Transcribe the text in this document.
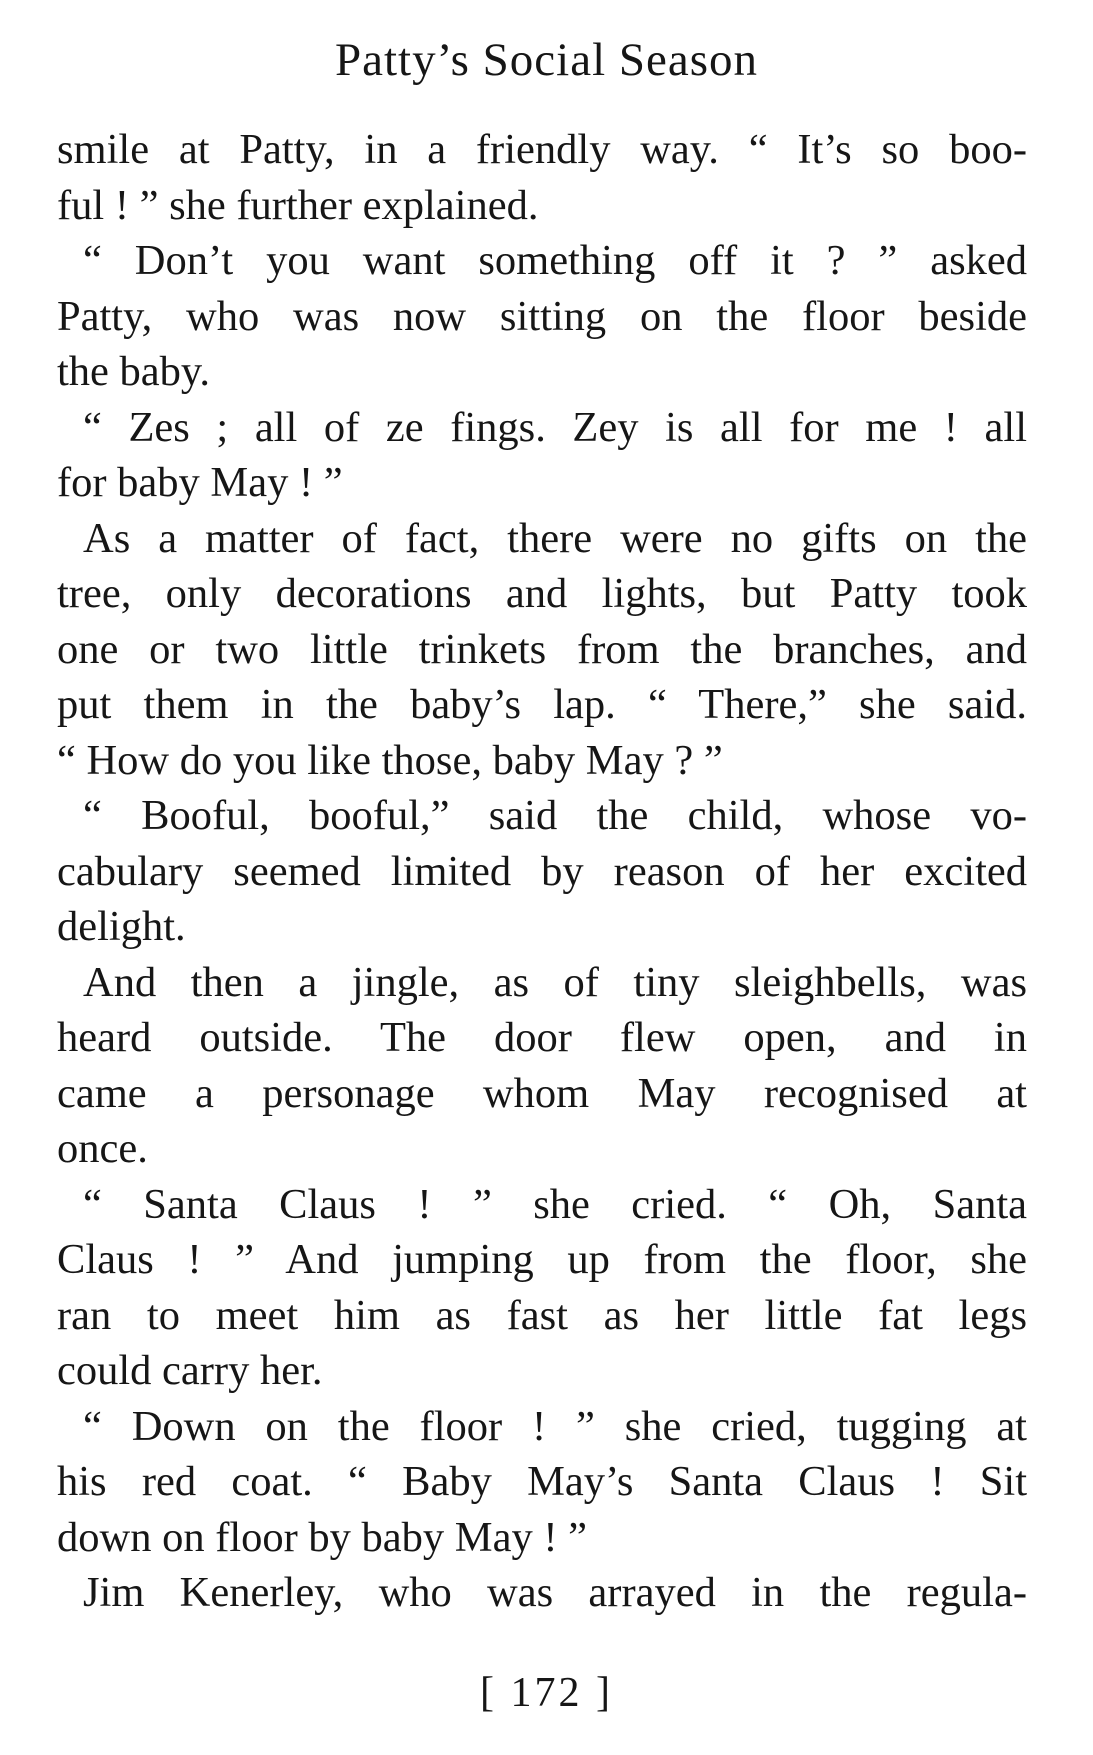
Patty’s Social Season

smile at Patty, in a friendly way. “ It’s so boo-
ful ! ” she further explained.

“ Don’t you want something off it ? ” asked
Patty, who was now sitting on the floor beside
the baby.

“ Zes ; all of ze fings. Zey is all for me ! all
for baby May ! ”

As a matter of fact, there were no gifts on the
tree, only decorations and lights, but Patty took
one or two little trinkets from the branches, and
put them in the baby’s lap. “ There,” she said.
“ How do you like those, baby May ? ”

“ Booful, booful,” said the child, whose vo-
cabulary seemed limited by reason of her excited
delight.

And then a jingle, as of tiny sleighbells, was
heard outside. The door flew open, and in
came a personage whom May recognised at
once.

“ Santa Claus ! ” she cried. “ Oh, Santa
Claus ! ” And jumping up from the floor, she
ran to meet him as fast as her little fat legs
could carry her.

“ Down on the floor ! ” she cried, tugging at
his red coat. “ Baby May’s Santa Claus ! Sit
down on floor by baby May ! ”

Jim Kenerley, who was arrayed in the regula-

[ 172 ]
